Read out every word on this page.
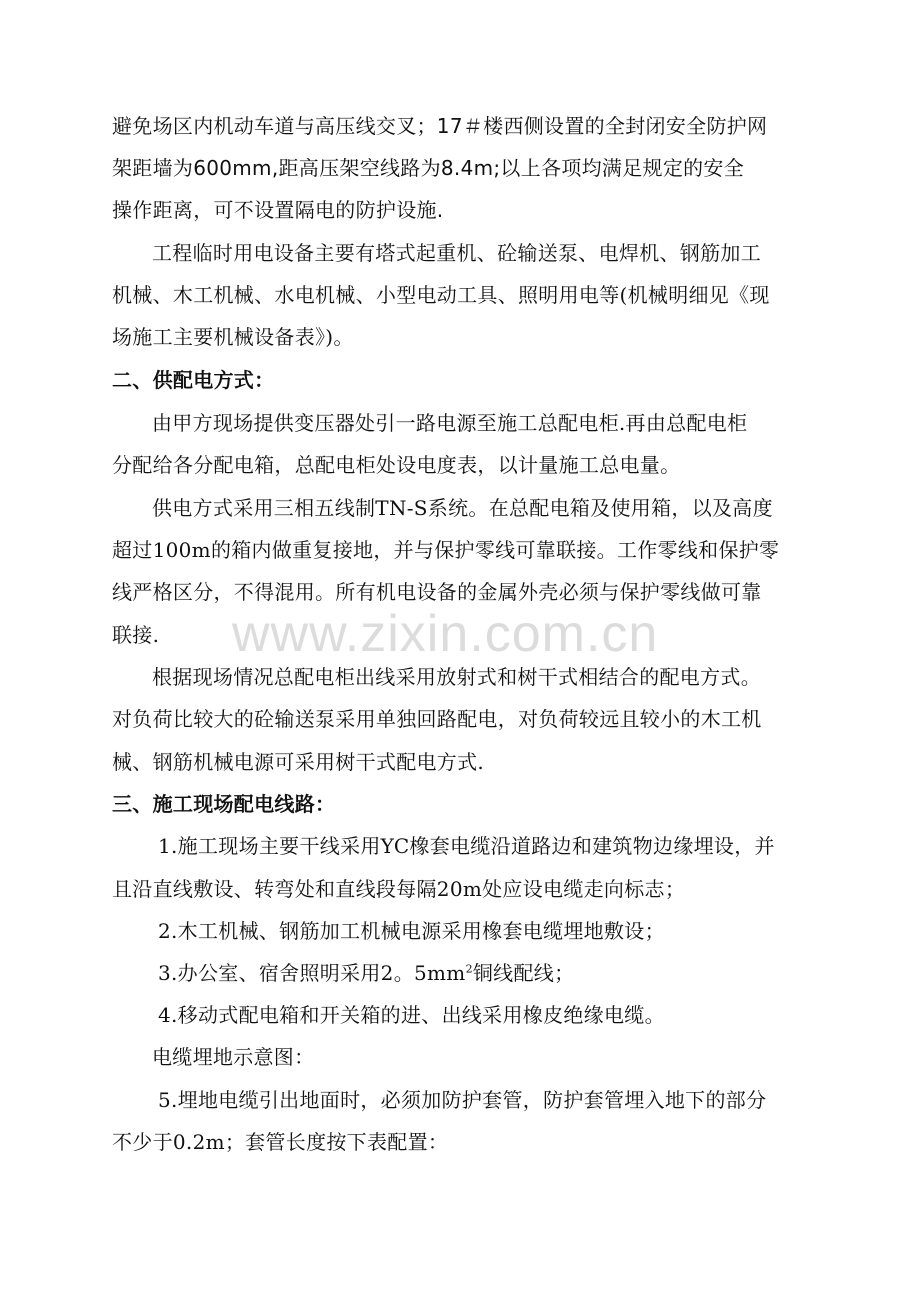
www.zixin.com.cn
避免场区内机动车道与高压线交叉；17＃楼西侧设置的全封闭安全防护网
架距墙为600mm,距高压架空线路为8.4m;以上各项均满足规定的安全
操作距离，可不设置隔电的防护设施.
工程临时用电设备主要有塔式起重机、砼输送泵、电焊机、钢筋加工
机械、木工机械、水电机械、小型电动工具、照明用电等(机械明细见《现
场施工主要机械设备表》)。
二、供配电方式：
由甲方现场提供变压器处引一路电源至施工总配电柜.再由总配电柜
分配给各分配电箱，总配电柜处设电度表，以计量施工总电量。
供电方式采用三相五线制TN-S系统。在总配电箱及使用箱，以及高度
超过100m的箱内做重复接地，并与保护零线可靠联接。工作零线和保护零
线严格区分，不得混用。所有机电设备的金属外壳必须与保护零线做可靠
联接.
根据现场情况总配电柜出线采用放射式和树干式相结合的配电方式。
对负荷比较大的砼输送泵采用单独回路配电，对负荷较远且较小的木工机
械、钢筋机械电源可采用树干式配电方式.
三、施工现场配电线路：
1.施工现场主要干线采用YC橡套电缆沿道路边和建筑物边缘埋设，并
且沿直线敷设、转弯处和直线段每隔20m处应设电缆走向标志；
2.木工机械、钢筋加工机械电源采用橡套电缆埋地敷设；
3.办公室、宿舍照明采用2。$5mm^2$铜线配线；
4.移动式配电箱和开关箱的进、出线采用橡皮绝缘电缆。
电缆埋地示意图：
5.埋地电缆引出地面时，必须加防护套管，防护套管埋入地下的部分
不少于0.2m；套管长度按下表配置：
